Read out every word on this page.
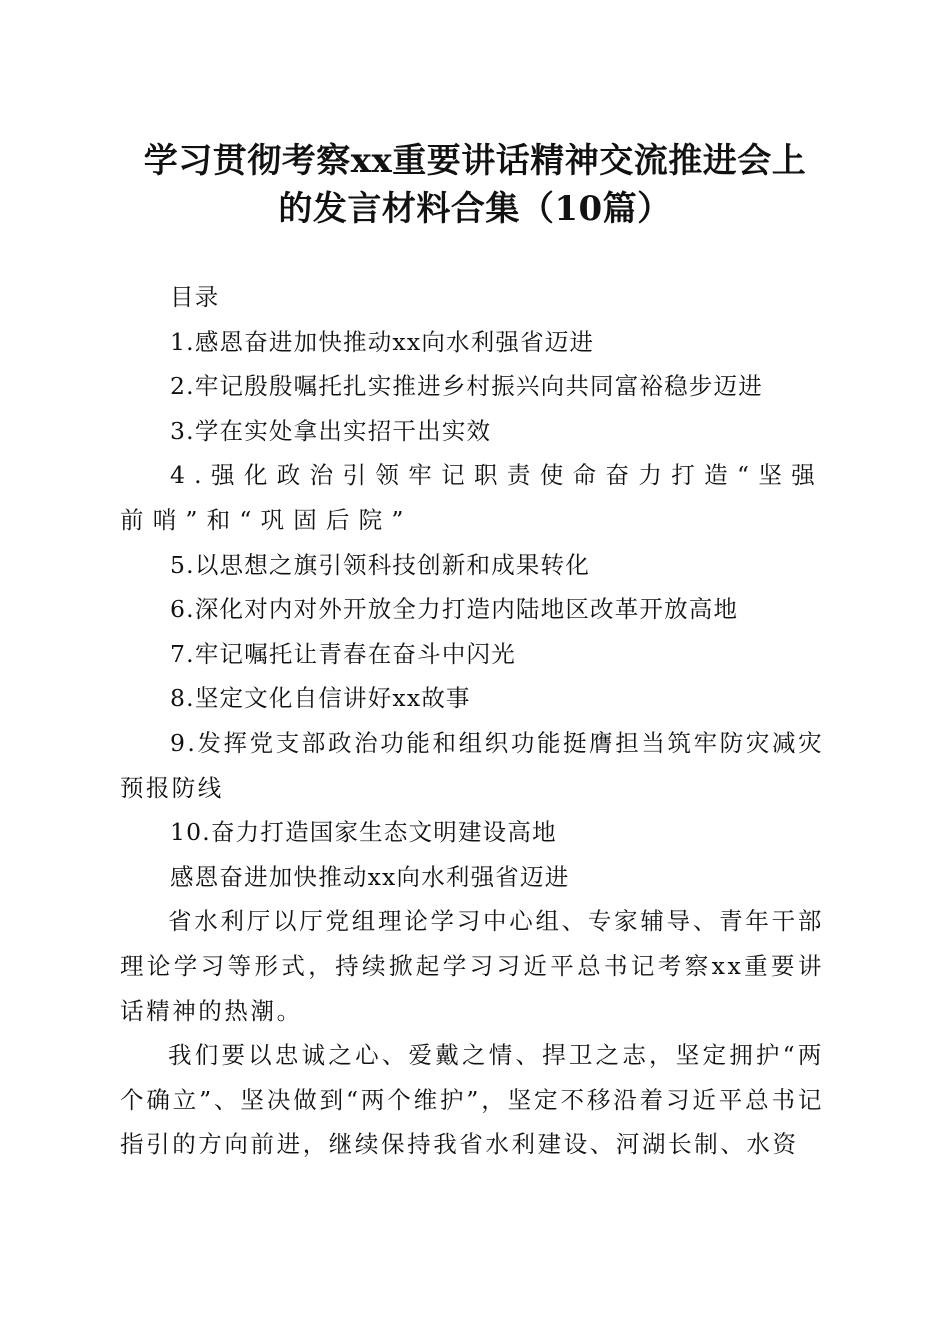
学习贯彻考察xx重要讲话精神交流推进会上
的发言材料合集（10篇）
目录
1.感恩奋进加快推动xx向水利强省迈进
2.牢记殷殷嘱托扎实推进乡村振兴向共同富裕稳步迈进
3.学在实处拿出实招干出实效
4.强化政治引领牢记职责使命奋力打造“坚强前哨”和“巩固后院”
5.以思想之旗引领科技创新和成果转化
6.深化对内对外开放全力打造内陆地区改革开放高地
7.牢记嘱托让青春在奋斗中闪光
8.坚定文化自信讲好xx故事
9.发挥党支部政治功能和组织功能挺膺担当筑牢防灾减灾预报防线
10.奋力打造国家生态文明建设高地
感恩奋进加快推动xx向水利强省迈进
省水利厅以厅党组理论学习中心组、专家辅导、青年干部理论学习等形式，持续掀起学习习近平总书记考察xx重要讲话精神的热潮。
我们要以忠诚之心、爱戴之情、捍卫之志，坚定拥护“两个确立”、坚决做到“两个维护”，坚定不移沿着习近平总书记指引的方向前进，继续保持我省水利建设、河湖长制、水资
